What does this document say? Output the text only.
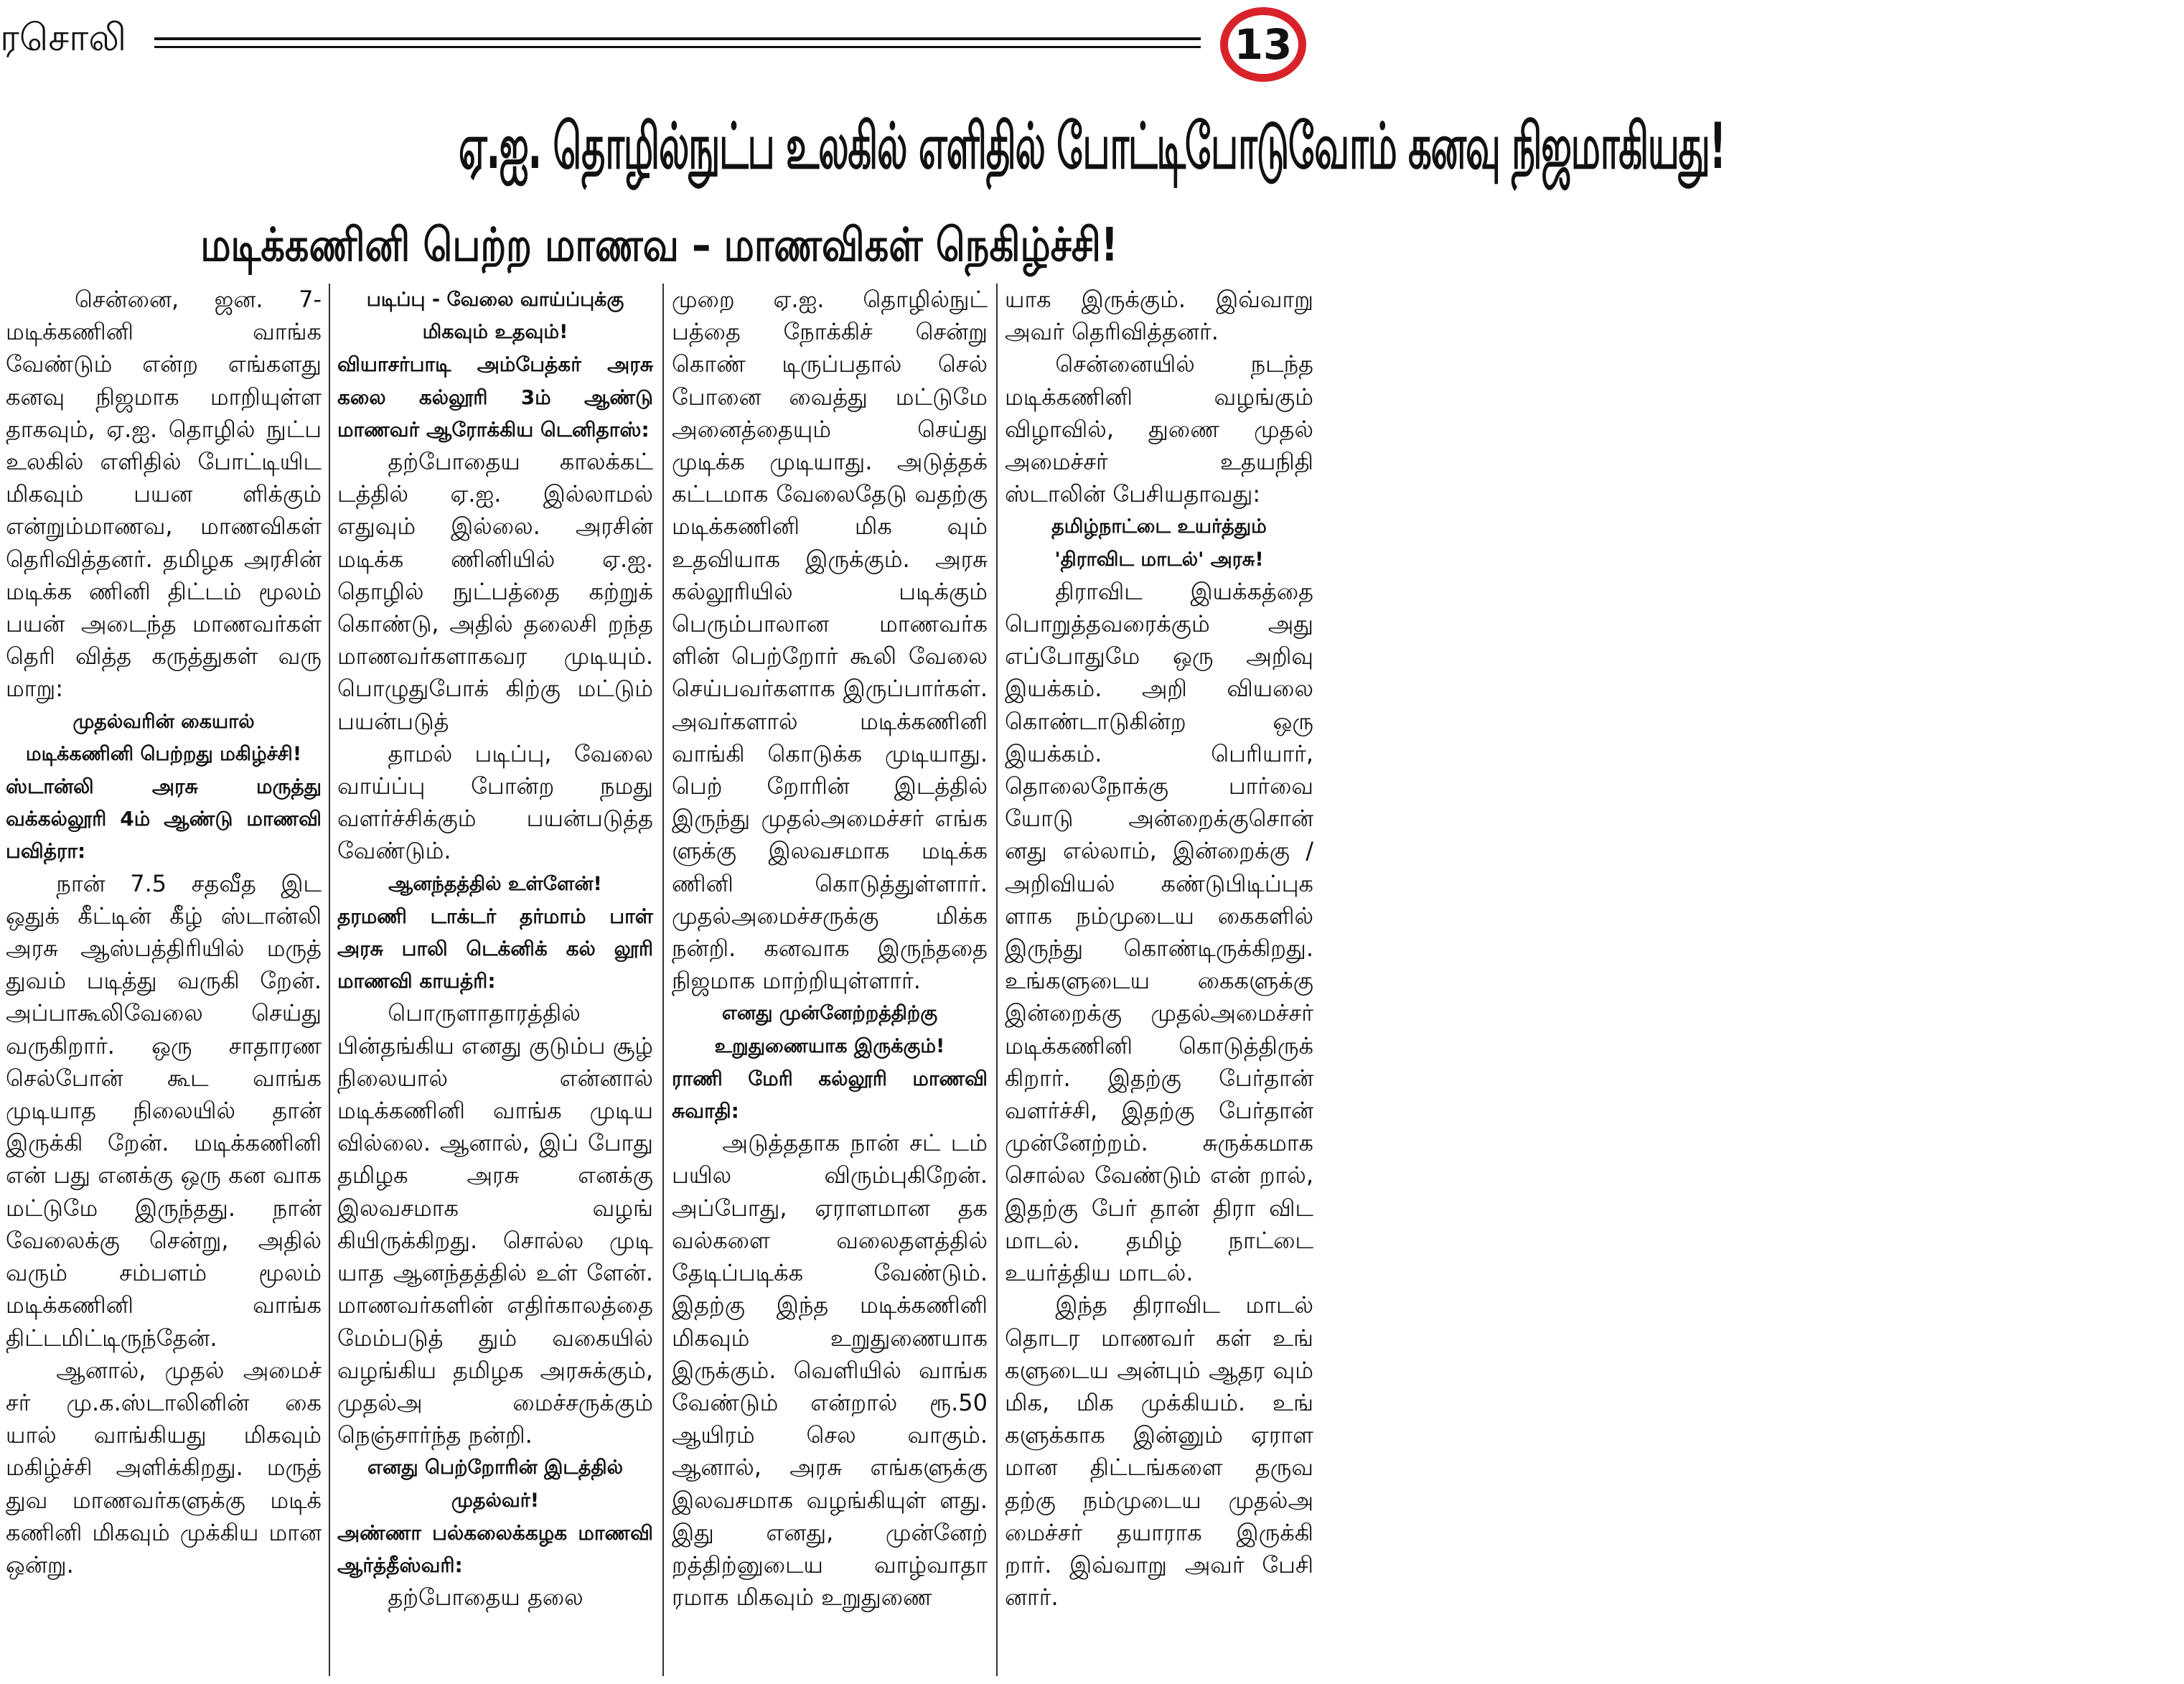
ரசொலி	13
ஏ.ஐ. தொழில்நுட்ப உலகில் எளிதில் போட்டிபோடுவோம் கனவு நிஜமாகியது!
மடிக்கணினி பெற்ற மாணவ – மாணவிகள் நெகிழ்ச்சி!

சென்னை, ஜன. 7- மடிக்கணினி வாங்க வேண்டும் என்ற எங்களது கனவு நிஜமாக மாறியுள்ள தாகவும், ஏ.ஐ. தொழில் நுட்ப உலகில் எளிதில் போட்டியிட மிகவும் பயன ளிக்கும் என்றும்மாணவ, மாணவிகள் தெரிவித்தனர். தமிழக அரசின் மடிக்க ணினி திட்டம் மூலம் பயன் அடைந்த மாணவர்கள் தெரி வித்த கருத்துகள் வரு மாறு:

முதல்வரின் கையால்

மடிக்கணினி பெற்றது மகிழ்ச்சி!

ஸ்டான்லி அரசு மருத்து வக்கல்லூரி 4ம் ஆண்டு மாணவி பவித்ரா:

நான் 7.5 சதவீத இட ஒதுக் கீட்டின் கீழ் ஸ்டான்லி அரசு ஆஸ்பத்திரியில் மருத் துவம் படித்து வருகி றேன். அப்பாகூலிவேலை செய்து வருகிறார். ஒரு சாதாரண செல்போன் கூட வாங்க முடியாத நிலையில் தான் இருக்கி றேன். மடிக்கணினி என் பது எனக்கு ஒரு கன வாக மட்டுமே இருந்தது. நான் வேலைக்கு சென்று, அதில் வரும் சம்பளம் மூலம் மடிக்கணினி வாங்க திட்டமிட்டிருந்தேன்.

ஆனால், முதல் அமைச் சர் மு.க.ஸ்டாலினின் கை யால் வாங்கியது மிகவும் மகிழ்ச்சி அளிக்கிறது. மருத் துவ மாணவர்களுக்கு மடிக் கணினி மிகவும் முக்கிய மான ஒன்று.

படிப்பு - வேலை வாய்ப்புக்கு

மிகவும் உதவும்!

வியாசர்பாடி அம்பேத்கர் அரசு கலை கல்லூரி 3ம் ஆண்டு மாணவர் ஆரோக்கிய டெனிதாஸ்:

தற்போதைய காலக்கட் டத்தில் ஏ.ஐ. இல்லாமல் எதுவும் இல்லை. அரசின் மடிக்க ணினியில் ஏ.ஐ. தொழில் நுட்பத்தை கற்றுக் கொண்டு, அதில் தலைசி றந்த மாணவர்களாகவர முடியும். பொழுதுபோக் கிற்கு மட்டும் பயன்படுத்

தாமல் படிப்பு, வேலை வாய்ப்பு போன்ற நமது வளர்ச்சிக்கும் பயன்படுத்த வேண்டும்.

ஆனந்தத்தில் உள்ளேன்!

தரமணி டாக்டர் தர்மாம் பாள் அரசு பாலி டெக்னிக் கல் லூரி மாணவி காயத்ரி:

பொருளாதாரத்தில் பின்தங்கிய எனது குடும்ப சூழ் நிலையால் என்னால் மடிக்கணினி வாங்க முடிய வில்லை. ஆனால், இப் போது தமிழக அரசு எனக்கு இலவசமாக வழங் கியிருக்கிறது. சொல்ல முடி யாத ஆனந்தத்தில் உள் ளேன். மாணவர்களின் எதிர்காலத்தை மேம்படுத் தும் வகையில் வழங்கிய தமிழக அரசுக்கும், முதல்அ மைச்சருக்கும் நெஞ்சார்ந்த நன்றி.

எனது பெற்றோரின் இடத்தில்

முதல்வர்!

அண்ணா பல்கலைக்கழக மாணவி ஆர்த்தீஸ்வரி:

தற்போதைய தலை

முறை ஏ.ஐ. தொழில்நுட் பத்தை நோக்கிச் சென்று கொண் டிருப்பதால் செல் போனை வைத்து மட்டுமே அனைத்தையும் செய்து முடிக்க முடியாது. அடுத்தக் கட்டமாக வேலைதேடு வதற்கு மடிக்கணினி மிக வும் உதவியாக இருக்கும். அரசு கல்லூரியில் படிக்கும் பெரும்பாலான மாணவர்க ளின் பெற்றோர் கூலி வேலை செய்பவர்களாக இருப்பார்கள். அவர்களால் மடிக்கணினி வாங்கி கொடுக்க முடியாது. பெற் றோரின் இடத்தில் இருந்து முதல்அமைச்சர் எங்க ளுக்கு இலவசமாக மடிக்க ணினி கொடுத்துள்ளார். முதல்அமைச்சருக்கு மிக்க நன்றி. கனவாக இருந்ததை நிஜமாக மாற்றியுள்ளார்.

எனது முன்னேற்றத்திற்கு

உறுதுணையாக இருக்கும்!

ராணி மேரி கல்லூரி மாணவி சுவாதி:

அடுத்ததாக நான் சட் டம் பயில விரும்புகிறேன். அப்போது, ஏராளமான தக வல்களை வலைதளத்தில் தேடிப்படிக்க வேண்டும். இதற்கு இந்த மடிக்கணினி மிகவும் உறுதுணையாக இருக்கும். வெளியில் வாங்க வேண்டும் என்றால் ரூ.50 ஆயிரம் செல வாகும். ஆனால், அரசு எங்களுக்கு இலவசமாக வழங்கியுள் ளது. இது எனது, முன்னேற் றத்திற்னுடைய வாழ்வாதா ரமாக மிகவும் உறுதுணை

யாக இருக்கும். இவ்வாறு அவர் தெரிவித்தனர்.

சென்னையில் நடந்த மடிக்கணினி வழங்கும் விழாவில், துணை முதல் அமைச்சர் உதயநிதி ஸ்டாலின் பேசியதாவது:

தமிழ்நாட்டை உயர்த்தும்

'திராவிட மாடல்' அரசு!

திராவிட இயக்கத்தை பொறுத்தவரைக்கும் அது எப்போதுமே ஒரு அறிவு இயக்கம். அறி வியலை கொண்டாடுகின்ற ஒரு இயக்கம். பெரியார், தொலைநோக்கு பார்வை யோடு அன்றைக்குசொன் னது எல்லாம், இன்றைக்கு / அறிவியல் கண்டுபிடிப்புக ளாக நம்முடைய கைகளில் இருந்து கொண்டிருக்கிறது. உங்களுடைய கைகளுக்கு இன்றைக்கு முதல்அமைச்சர் மடிக்கணினி கொடுத்திருக் கிறார். இதற்கு பேர்தான் வளர்ச்சி, இதற்கு பேர்தான் முன்னேற்றம். சுருக்கமாக சொல்ல வேண்டும் என் றால், இதற்கு பேர் தான் திரா விட மாடல். தமிழ் நாட்டை உயர்த்திய மாடல்.

இந்த திராவிட மாடல் தொடர மாணவர் கள் உங் களுடைய அன்பும் ஆதர வும் மிக, மிக முக்கியம். உங் களுக்காக இன்னும் ஏராள மான திட்டங்களை தருவ தற்கு நம்முடைய முதல்அ மைச்சர் தயாராக இருக்கி றார். இவ்வாறு அவர் பேசி னார்.
